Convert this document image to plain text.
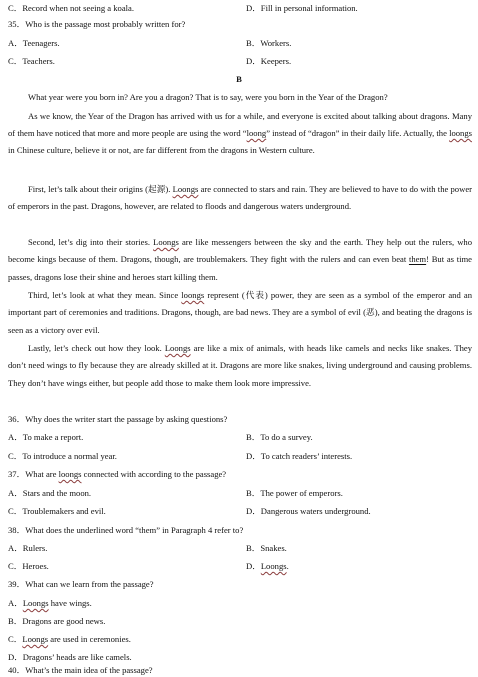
C．Record when not seeing a koala.	D．Fill in personal information.
35．Who is the passage most probably written for?
A．Teenagers.	B．Workers.
C．Teachers.	D．Keepers.
B
What year were you born in? Are you a dragon? That is to say, were you born in the Year of the Dragon?
As we know, the Year of the Dragon has arrived with us for a while, and everyone is excited about talking about dragons. Many of them have noticed that more and more people are using the word “loong” instead of “dragon” in their daily life. Actually, the loongs in Chinese culture, believe it or not, are far different from the dragons in Western culture.
First, let’s talk about their origins (起源). Loongs are connected to stars and rain. They are believed to have to do with the power of emperors in the past. Dragons, however, are related to floods and dangerous waters underground.
Second, let’s dig into their stories. Loongs are like messengers between the sky and the earth. They help out the rulers, who become kings because of them. Dragons, though, are troublemakers. They fight with the rulers and can even beat them! But as time passes, dragons lose their shine and heroes start killing them.
Third, let’s look at what they mean. Since loongs represent (代表) power, they are seen as a symbol of the emperor and an important part of ceremonies and traditions. Dragons, though, are bad news. They are a symbol of evil (恶), and beating the dragons is seen as a victory over evil.
Lastly, let’s check out how they look. Loongs are like a mix of animals, with heads like camels and necks like snakes. They don’t need wings to fly because they are already skilled at it. Dragons are more like snakes, living underground and causing problems. They don’t have wings either, but people add those to make them look more impressive.
36．Why does the writer start the passage by asking questions?
A．To make a report.	B．To do a survey.
C．To introduce a normal year.	D．To catch readers’ interests.
37．What are loongs connected with according to the passage?
A．Stars and the moon.	B．The power of emperors.
C．Troublemakers and evil.	D．Dangerous waters underground.
38．What does the underlined word “them” in Paragraph 4 refer to?
A．Rulers.	B．Snakes.
C．Heroes.	D．Loongs.
39．What can we learn from the passage?
A．Loongs have wings.
B．Dragons are good news.
C．Loongs are used in ceremonies.
D．Dragons’ heads are like camels.
40．What’s the main idea of the passage?
